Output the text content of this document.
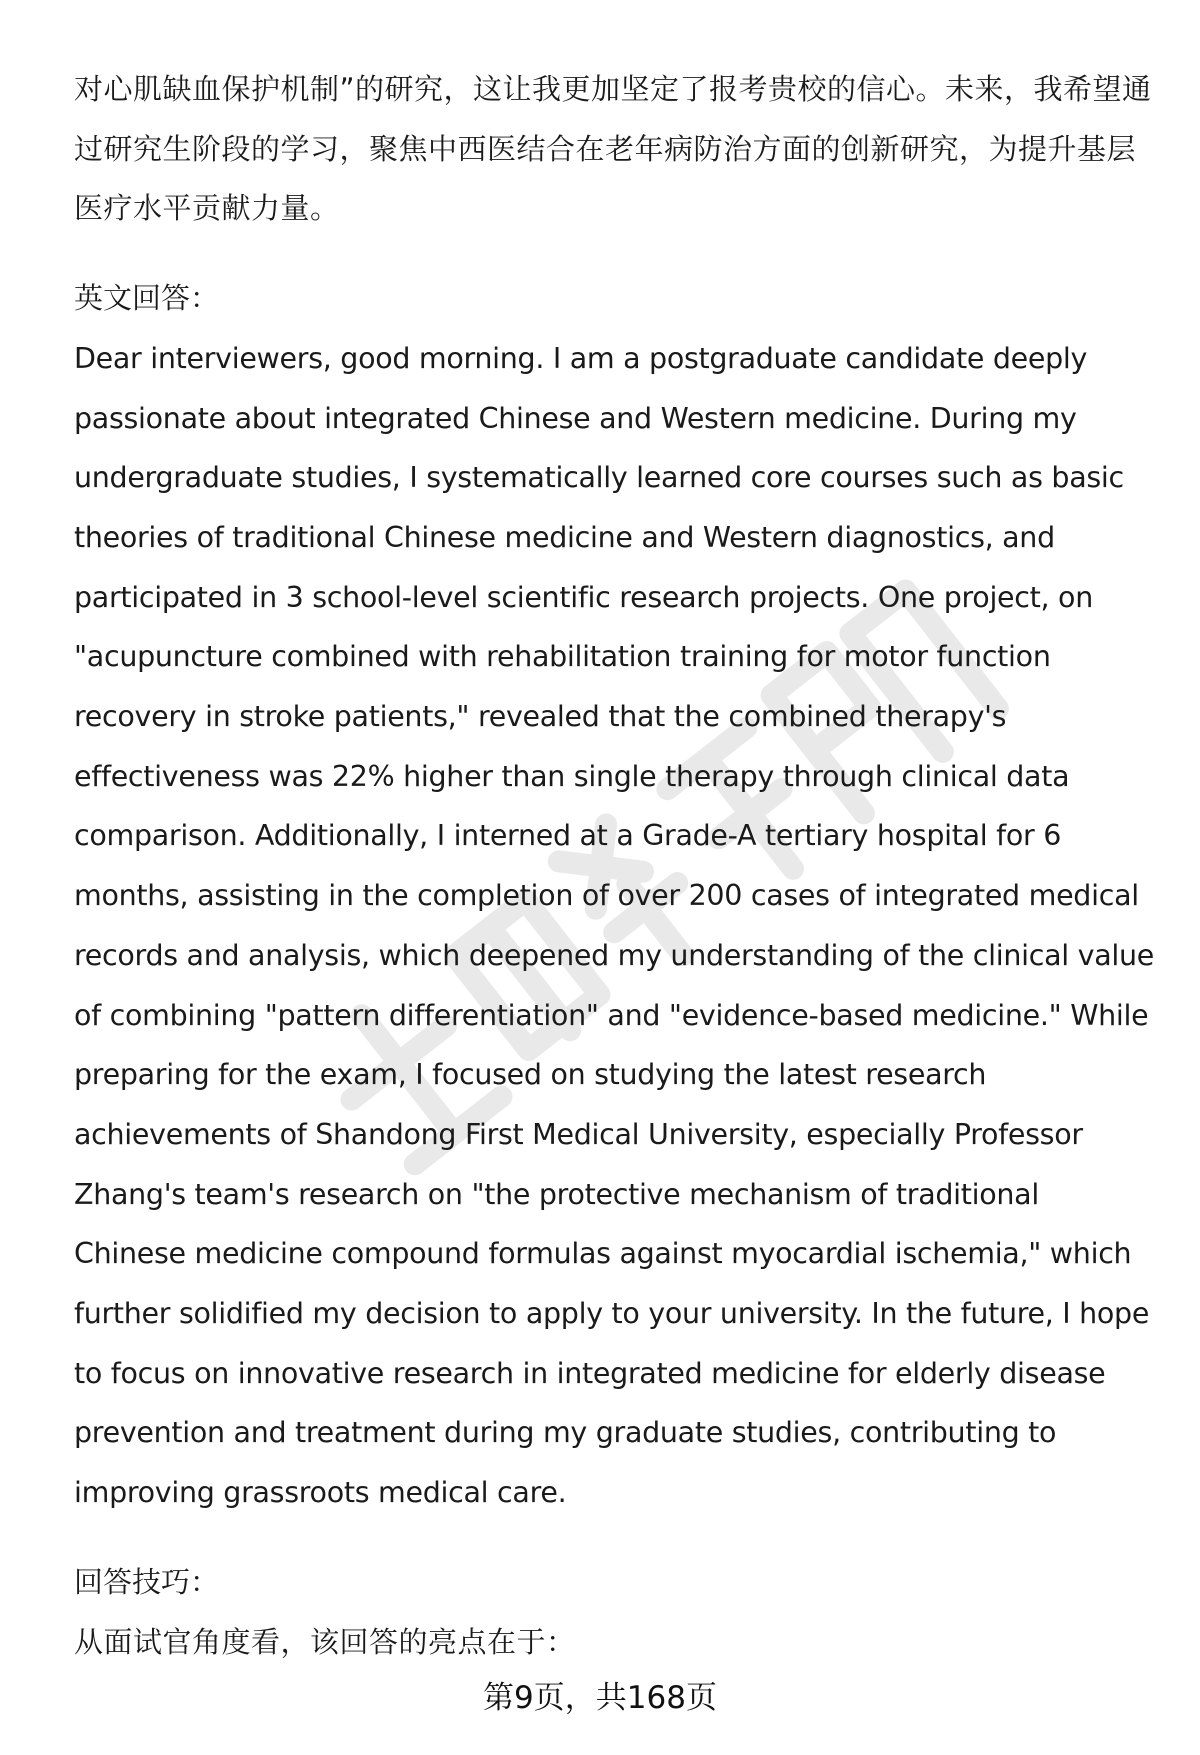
对心肌缺血保护机制”的研究，这让我更加坚定了报考贵校的信心。未来，我希望通过研究生阶段的学习，聚焦中西医结合在老年病防治方面的创新研究，为提升基层医疗水平贡献力量。

英文回答：

Dear interviewers, good morning. I am a postgraduate candidate deeply passionate about integrated Chinese and Western medicine. During my undergraduate studies, I systematically learned core courses such as basic theories of traditional Chinese medicine and Western diagnostics, and participated in 3 school-level scientific research projects. One project, on "acupuncture combined with rehabilitation training for motor function recovery in stroke patients," revealed that the combined therapy's effectiveness was 22% higher than single therapy through clinical data comparison. Additionally, I interned at a Grade-A tertiary hospital for 6 months, assisting in the completion of over 200 cases of integrated medical records and analysis, which deepened my understanding of the clinical value of combining "pattern differentiation" and "evidence-based medicine." While preparing for the exam, I focused on studying the latest research achievements of Shandong First Medical University, especially Professor Zhang's team's research on "the protective mechanism of traditional Chinese medicine compound formulas against myocardial ischemia," which further solidified my decision to apply to your university. In the future, I hope to focus on innovative research in integrated medicine for elderly disease prevention and treatment during my graduate studies, contributing to improving grassroots medical care.

回答技巧：

从面试官角度看，该回答的亮点在于：

第9页，共168页
